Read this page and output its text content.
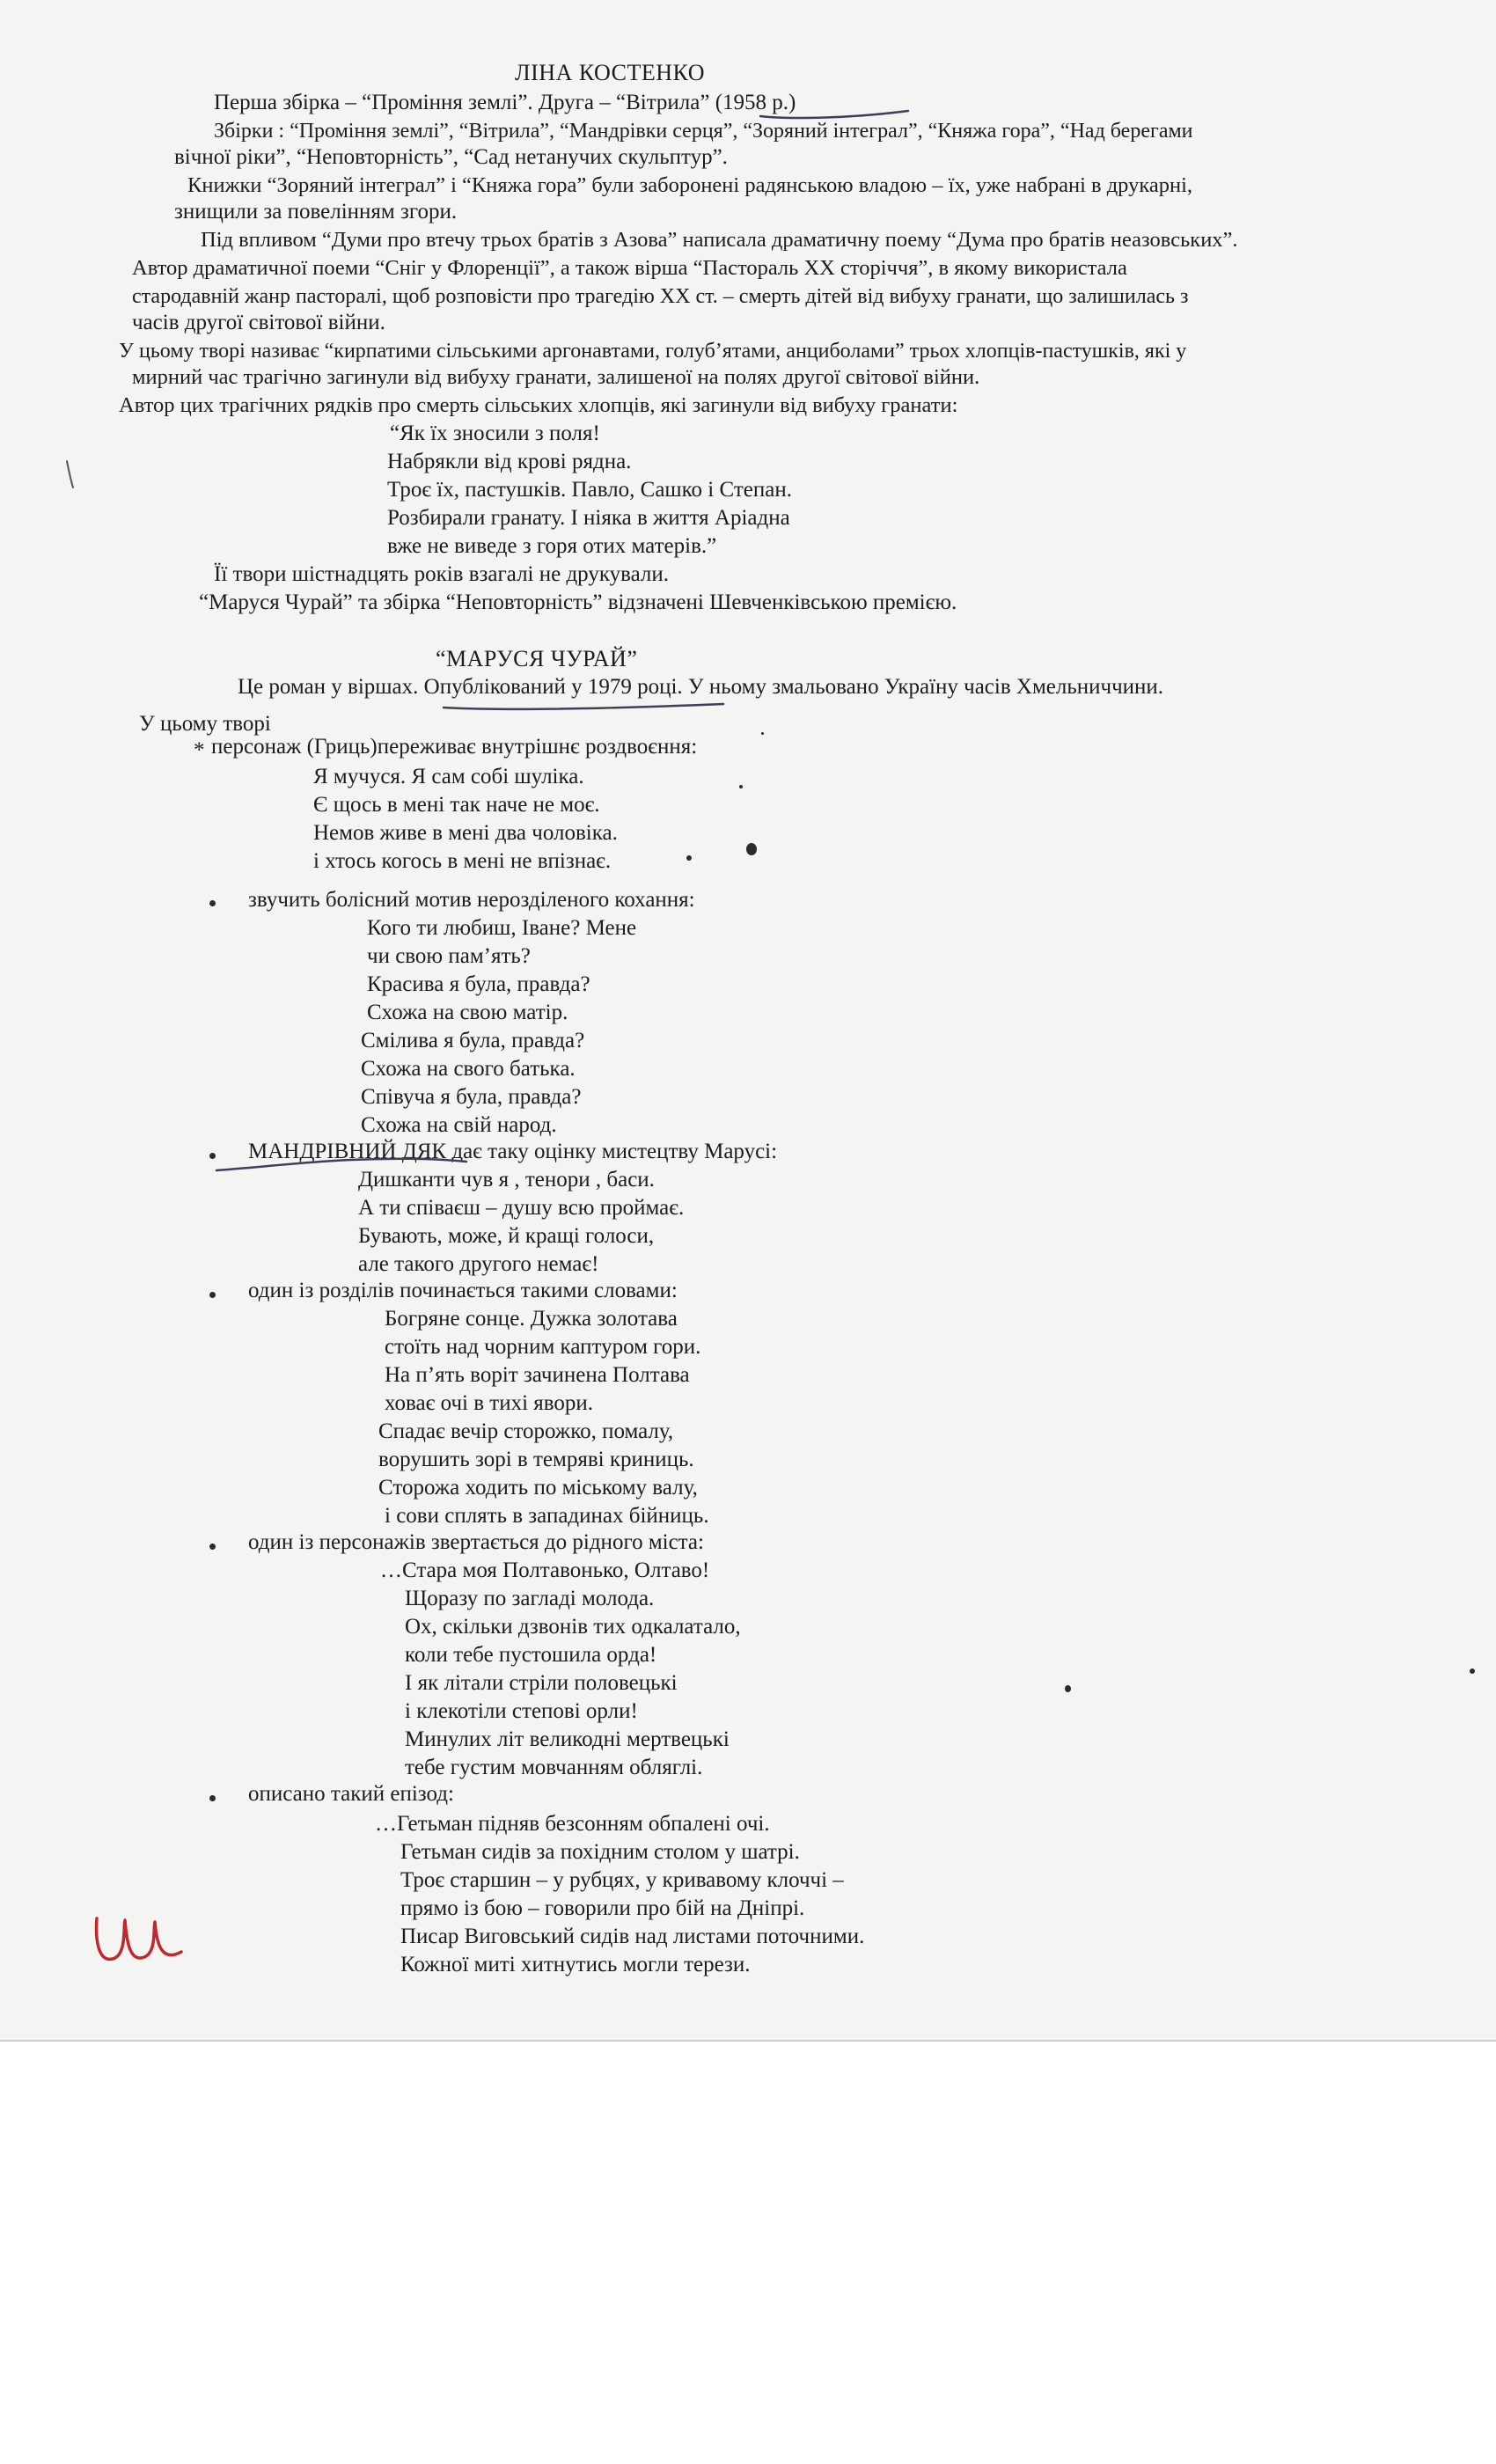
ЛІНА КОСТЕНКО
Перша збірка – “Проміння землі”. Друга – “Вітрила” (1958 р.)
Збірки : “Проміння землі”, “Вітрила”, “Мандрівки серця”, “Зоряний інтеграл”, “Княжа гора”, “Над берегами
вічної ріки”, “Неповторність”, “Сад нетанучих скульптур”.
Книжки “Зоряний інтеграл” і “Княжа гора” були заборонені радянською владою – їх, уже набрані в друкарні,
знищили за повелінням згори.
Під впливом “Думи про втечу трьох братів з Азова” написала драматичну поему “Дума про братів неазовських”.
Автор драматичної поеми “Сніг у Флоренції”, а також вірша “Пастораль XX сторіччя”, в якому використала
стародавній жанр пасторалі, щоб розповісти про трагедію XX ст. – смерть дітей від вибуху гранати, що залишилась з
часів другої світової війни.
У цьому творі називає “кирпатими сільськими аргонавтами, голуб’ятами, анциболами” трьох хлопців-пастушків, які у
мирний час трагічно загинули від вибуху гранати, залишеної на полях другої світової війни.
Автор цих трагічних рядків про смерть сільських хлопців, які загинули від вибуху гранати:
“Як їх зносили з поля!
Набрякли від крові рядна.
Троє їх, пастушків. Павло, Сашко і Степан.
Розбирали гранату. І ніяка в життя Аріадна
вже не виведе з горя отих матерів.”
Її твори шістнадцять років взагалі не друкували.
“Маруся Чурай” та збірка “Неповторність” відзначені Шевченківською премією.
“МАРУСЯ ЧУРАЙ”
Це роман у віршах. Опублікований у 1979 році. У ньому змальовано Україну часів Хмельниччини.
У цьому творі
* персонаж (Гриць)переживає внутрішнє роздвоєння:
Я мучуся. Я сам собі шуліка.
Є щось в мені так наче не моє.
Немов живе в мені два чоловіка.
і хтось когось в мені не впізнає.
звучить болісний мотив нерозділеного кохання:
Кого ти любиш, Іване? Мене
чи свою пам’ять?
Красива я була, правда?
Схожа на свою матір.
Смілива я була, правда?
Схожа на свого батька.
Співуча я була, правда?
Схожа на свій народ.
МАНДРІВНИЙ ДЯК дає таку оцінку мистецтву Марусі:
Дишканти чув я , тенори , баси.
А ти співаєш – душу всю проймає.
Бувають, може, й кращі голоси,
але такого другого немає!
один із розділів починається такими словами:
Богряне сонце. Дужка золотава
стоїть над чорним каптуром гори.
На п’ять воріт зачинена Полтава
ховає очі в тихі явори.
Спадає вечір сторожко, помалу,
ворушить зорі в темряві криниць.
Сторожа ходить по міському валу,
і сови сплять в западинах бійниць.
один із персонажів звертається до рідного міста:
…Стара моя Полтавонько, Олтаво!
Щоразу по загладі молода.
Ох, скільки дзвонів тих одкалатало,
коли тебе пустошила орда!
І як літали стріли половецькі
і клекотіли степові орли!
Минулих літ великодні мертвецькі
тебе густим мовчанням обляглі.
описано такий епізод:
…Гетьман підняв безсонням обпалені очі.
Гетьман сидів за похідним столом у шатрі.
Троє старшин – у рубцях, у кривавому клоччі –
прямо із бою – говорили про бій на Дніпрі.
Писар Виговський сидів над листами поточними.
Кожної миті хитнутись могли терези.
